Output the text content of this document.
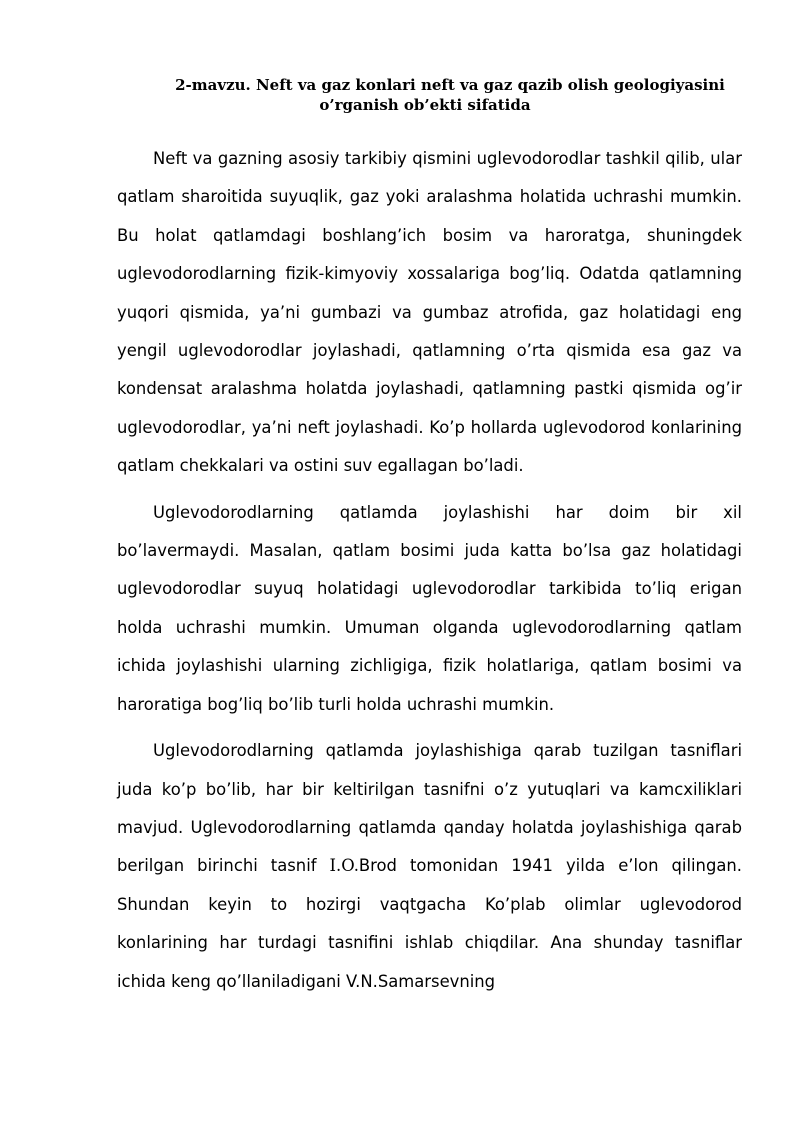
2-mavzu. Neft va gaz konlari neft va gaz qazib olish geologiyasini
o’rganish ob’ekti sifatida

Neft va gazning asosiy tarkibiy qismini uglevodorodlar tashkil qilib, ular qatlam sharoitida suyuqlik, gaz yoki aralashma holatida uchrashi mumkin. Bu holat qatlamdagi boshlang’ich bosim va haroratga, shuningdek uglevodorodlarning fizik-kimyoviy xossalariga bog’liq. Odatda qatlamning yuqori qismida, ya’ni gumbazi va gumbaz atrofida, gaz holatidagi eng yengil uglevodorodlar joylashadi, qatlamning o’rta qismida esa gaz va kondensat aralashma holatda joylashadi, qatlamning pastki qismida og’ir uglevodorodlar, ya’ni neft joylashadi. Ko’p hollarda uglevodorod konlarining qatlam chekkalari va ostini suv egallagan bo’ladi.

Uglevodorodlarning qatlamda joylashishi har doim bir xil bo’lavermaydi. Masalan, qatlam bosimi juda katta bo’lsa gaz holatidagi uglevodorodlar suyuq holatidagi uglevodorodlar tarkibida to’liq erigan holda uchrashi mumkin. Umuman olganda uglevodorodlarning qatlam ichida joylashishi ularning zichligiga, fizik holatlariga, qatlam bosimi va haroratiga bog’liq bo’lib turli holda uchrashi mumkin.

Uglevodorodlarning qatlamda joylashishiga qarab tuzilgan tasniflari juda ko’p bo’lib, har bir keltirilgan tasnifni o’z yutuqlari va kamcxiliklari mavjud. Uglevodorodlarning qatlamda qanday holatda joylashishiga qarab berilgan birinchi tasnif I.O.Brod tomonidan 1941 yilda e’lon qilingan. Shundan keyin to hozirgi vaqtgacha Ko’plab olimlar uglevodorod konlarining har turdagi tasnifini ishlab chiqdilar. Ana shunday tasniflar ichida keng qo’llaniladigani V.N.Samarsevning
